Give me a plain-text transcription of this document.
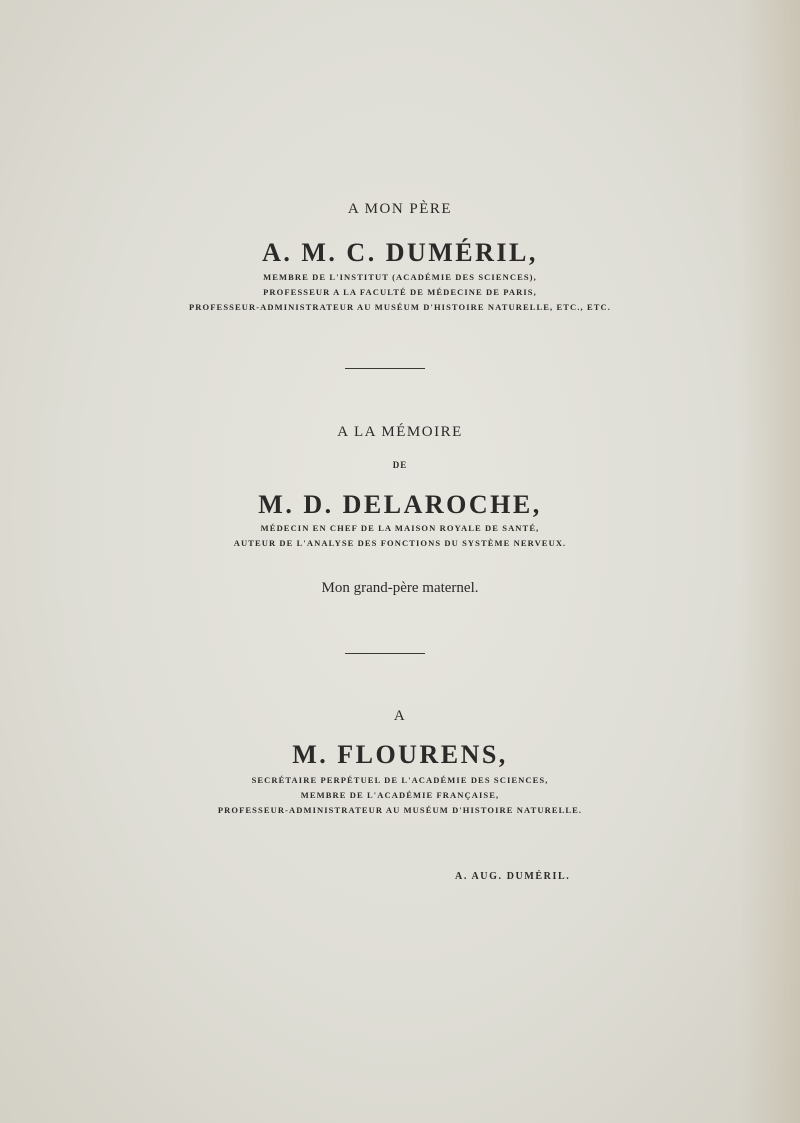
A MON PÈRE
A. M. C. DUMÉRIL,
MEMBRE DE L'INSTITUT (ACADÉMIE DES SCIENCES),
PROFESSEUR A LA FACULTÉ DE MÉDECINE DE PARIS,
PROFESSEUR-ADMINISTRATEUR AU MUSÉUM D'HISTOIRE NATURELLE, ETC., ETC.
A LA MÉMOIRE
DE
M. D. DELAROCHE,
MÉDECIN EN CHEF DE LA MAISON ROYALE DE SANTÉ,
AUTEUR DE L'ANALYSE DES FONCTIONS DU SYSTÈME NERVEUX.
Mon grand-père maternel.
A
M. FLOURENS,
SECRÉTAIRE PERPÉTUEL DE L'ACADÉMIE DES SCIENCES,
MEMBRE DE L'ACADÉMIE FRANÇAISE,
PROFESSEUR-ADMINISTRATEUR AU MUSÉUM D'HISTOIRE NATURELLE.
A. AUG. DUMÉRIL.
